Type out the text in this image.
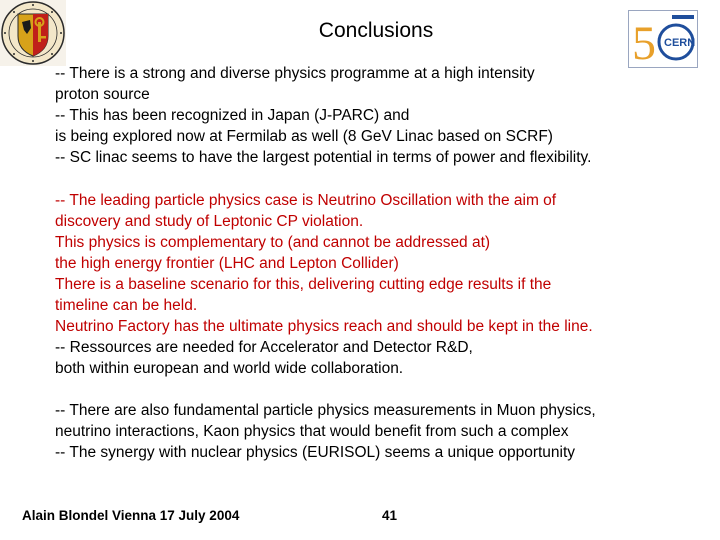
5 CERN
Conclusions
-- There is a strong and diverse physics programme at a high intensity
proton source
-- This has been recognized in Japan (J-PARC) and
is being explored now at Fermilab as well (8 GeV Linac based on SCRF)
-- SC linac seems to have the largest potential in terms of power and flexibility.
-- The leading particle physics case is Neutrino Oscillation with the aim of
discovery and study of Leptonic CP violation.
This physics is complementary to (and cannot be addressed at)
the high energy frontier (LHC and Lepton Collider)
There is a baseline scenario for this, delivering cutting edge results if the
timeline can be held.
Neutrino Factory has the ultimate physics reach and should be kept in the line.
-- Ressources are needed for Accelerator and Detector R&D,
both within european and world wide collaboration.
-- There are also fundamental particle physics measurements in Muon physics,
neutrino interactions, Kaon physics that would benefit from such a complex
-- The synergy with nuclear physics (EURISOL) seems a unique opportunity
Alain Blondel Vienna 17 July 2004	41
